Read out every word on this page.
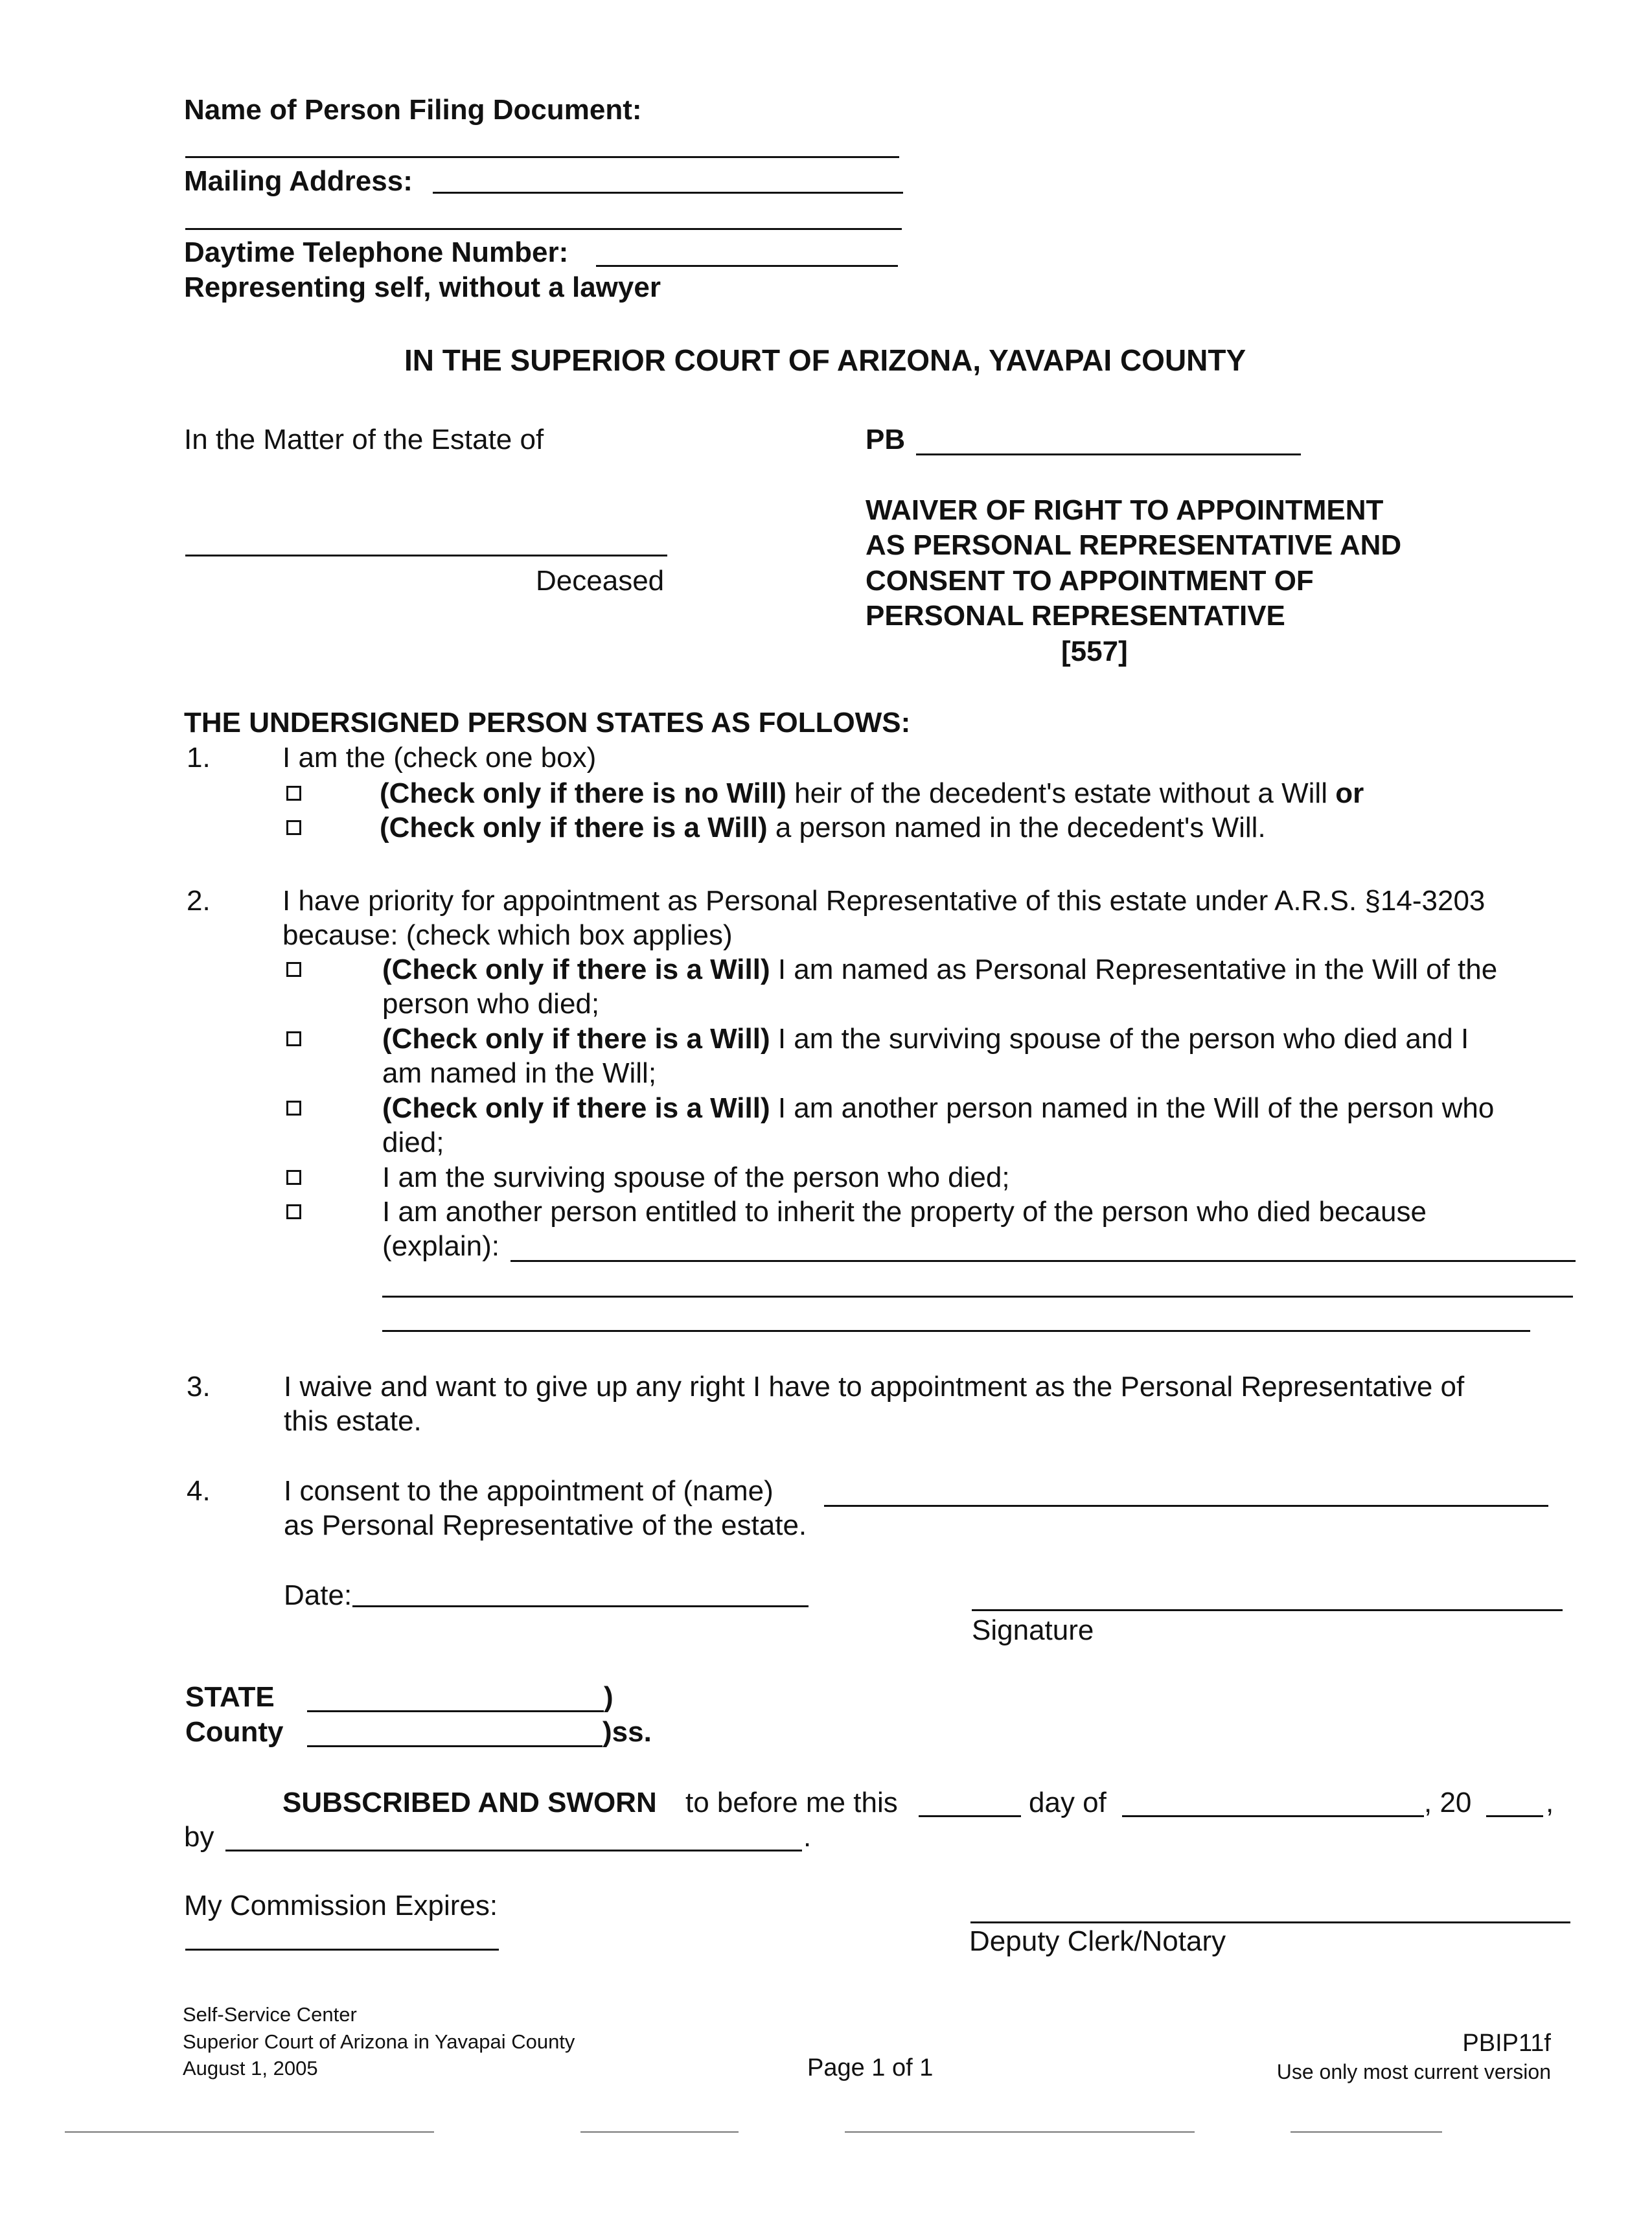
Name of Person Filing Document:
Mailing Address:
Daytime Telephone Number:
Representing self, without a lawyer
IN THE SUPERIOR COURT OF ARIZONA, YAVAPAI COUNTY
In the Matter of the Estate of
Deceased
PB
WAIVER OF RIGHT TO APPOINTMENT
AS PERSONAL REPRESENTATIVE AND
CONSENT TO APPOINTMENT OF
PERSONAL REPRESENTATIVE
[557]
THE UNDERSIGNED PERSON STATES AS FOLLOWS:
1.	I am the (check one box)
(Check only if there is no Will) heir of the decedent's estate without a Will or
(Check only if there is a Will) a person named in the decedent's Will.
2.	I have priority for appointment as Personal Representative of this estate under A.R.S. §14-3203
because: (check which box applies)
(Check only if there is a Will) I am named as Personal Representative in the Will of the
person who died;
(Check only if there is a Will) I am the surviving spouse of the person who died and I
am named in the Will;
(Check only if there is a Will) I am another person named in the Will of the person who
died;
I am the surviving spouse of the person who died;
I am another person entitled to inherit the property of the person who died because
(explain):
3.	I waive and want to give up any right I have to appointment as the Personal Representative of
this estate.
4.	I consent to the appointment of (name)
as Personal Representative of the estate.
Date:
Signature
STATE	)
County	)ss.
SUBSCRIBED AND SWORN to before me this	day of	, 20	,
by	.
My Commission Expires:
Deputy Clerk/Notary
Self-Service Center
Superior Court of Arizona in Yavapai County
August 1, 2005	Page 1 of 1
PBIP11f
Use only most current version
